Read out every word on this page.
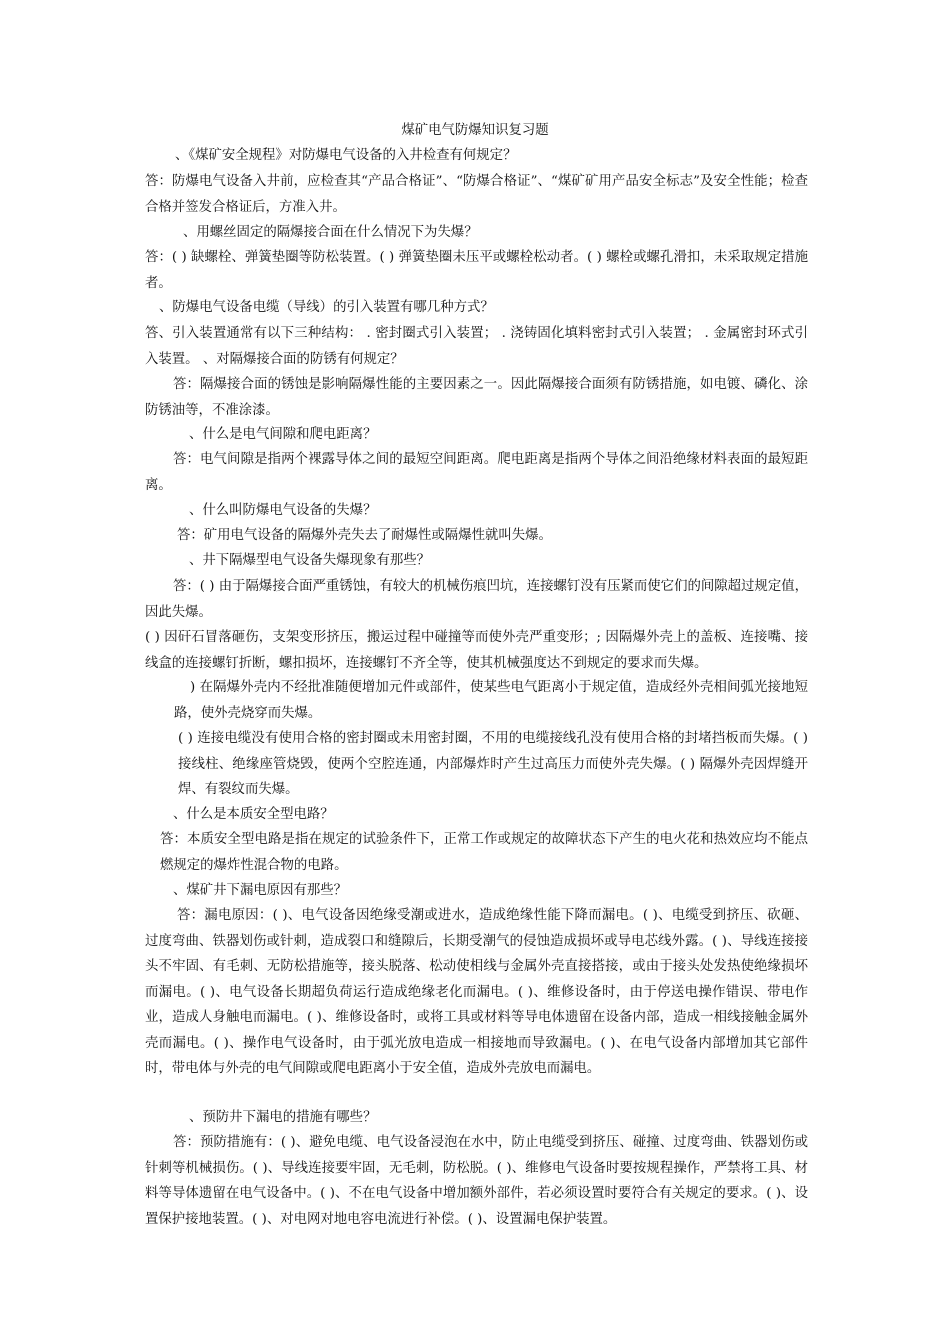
煤矿电气防爆知识复习题
、《煤矿安全规程》对防爆电气设备的入井检查有何规定？
答：防爆电气设备入井前，应检查其“产品合格证”、“防爆合格证”、“煤矿矿用产品安全标志”及安全性能；检查合格并签发合格证后，方准入井。
、用螺丝固定的隔爆接合面在什么情况下为失爆？
答：( ) 缺螺栓、弹簧垫圈等防松装置。( ) 弹簧垫圈未压平或螺栓松动者。( ) 螺栓或螺孔滑扣，未采取规定措施者。
、防爆电气设备电缆（导线）的引入装置有哪几种方式？
答、引入装置通常有以下三种结构： . 密封圈式引入装置； . 浇铸固化填料密封式引入装置； . 金属密封环式引入装置。 、对隔爆接合面的防锈有何规定？
答：隔爆接合面的锈蚀是影响隔爆性能的主要因素之一。因此隔爆接合面须有防锈措施，如电镀、磷化、涂 防锈油等，不准涂漆。
、什么是电气间隙和爬电距离？
答：电气间隙是指两个裸露导体之间的最短空间距离。爬电距离是指两个导体之间沿绝缘材料表面的最短距离。
、什么叫防爆电气设备的失爆？
答：矿用电气设备的隔爆外壳失去了耐爆性或隔爆性就叫失爆。
、井下隔爆型电气设备失爆现象有那些？
答：( ) 由于隔爆接合面严重锈蚀，有较大的机械伤痕凹坑，连接螺钉没有压紧而使它们的间隙超过规定值，因此失爆。
( ) 因矸石冒落砸伤，支架变形挤压，搬运过程中碰撞等而使外壳严重变形；; 因隔爆外壳上的盖板、连接嘴、接线盒的连接螺钉折断，螺扣损坏，连接螺钉不齐全等，使其机械强度达不到规定的要求而失爆。
) 在隔爆外壳内不经批准随便增加元件或部件，使某些电气距离小于规定值，造成经外壳相间弧光接地短路，使外壳烧穿而失爆。
( ) 连接电缆没有使用合格的密封圈或未用密封圈，不用的电缆接线孔没有使用合格的封堵挡板而失爆。( ) 接线柱、绝缘座管烧毁，使两个空腔连通，内部爆炸时产生过高压力而使外壳失爆。( ) 隔爆外壳因焊缝开焊、有裂纹而失爆。
、什么是本质安全型电路？
答：本质安全型电路是指在规定的试验条件下，正常工作或规定的故障状态下产生的电火花和热效应均不能点燃规定的爆炸性混合物的电路。
、煤矿井下漏电原因有那些？
答：漏电原因：( )、电气设备因绝缘受潮或进水，造成绝缘性能下降而漏电。( )、电缆受到挤压、砍砸、过度弯曲、铁器划伤或针刺，造成裂口和缝隙后，长期受潮气的侵蚀造成损坏或导电芯线外露。( )、导线连接接头不牢固、有毛刺、无防松措施等，接头脱落、松动使相线与金属外壳直接搭接，或由于接头处发热使绝缘损坏而漏电。( )、电气设备长期超负荷运行造成绝缘老化而漏电。( )、维修设备时，由于停送电操作错误、带电作业，造成人身触电而漏电。( )、维修设备时，或将工具或材料等导电体遗留在设备内部，造成一相线接触金属外壳而漏电。( )、操作电气设备时，由于弧光放电造成一相接地而导致漏电。( )、在电气设备内部增加其它部件时，带电体与外壳的电气间隙或爬电距离小于安全值，造成外壳放电而漏电。
、预防井下漏电的措施有哪些？
答：预防措施有：( )、避免电缆、电气设备浸泡在水中，防止电缆受到挤压、碰撞、过度弯曲、铁器划伤或针刺等机械损伤。( )、导线连接要牢固，无毛刺，防松脱。( )、维修电气设备时要按规程操作，严禁将工具、材料等导体遗留在电气设备中。( )、不在电气设备中增加额外部件，若必须设置时要符合有关规定的要求。( )、设置保护接地装置。( )、对电网对地电容电流进行补偿。( )、设置漏电保护装置。
